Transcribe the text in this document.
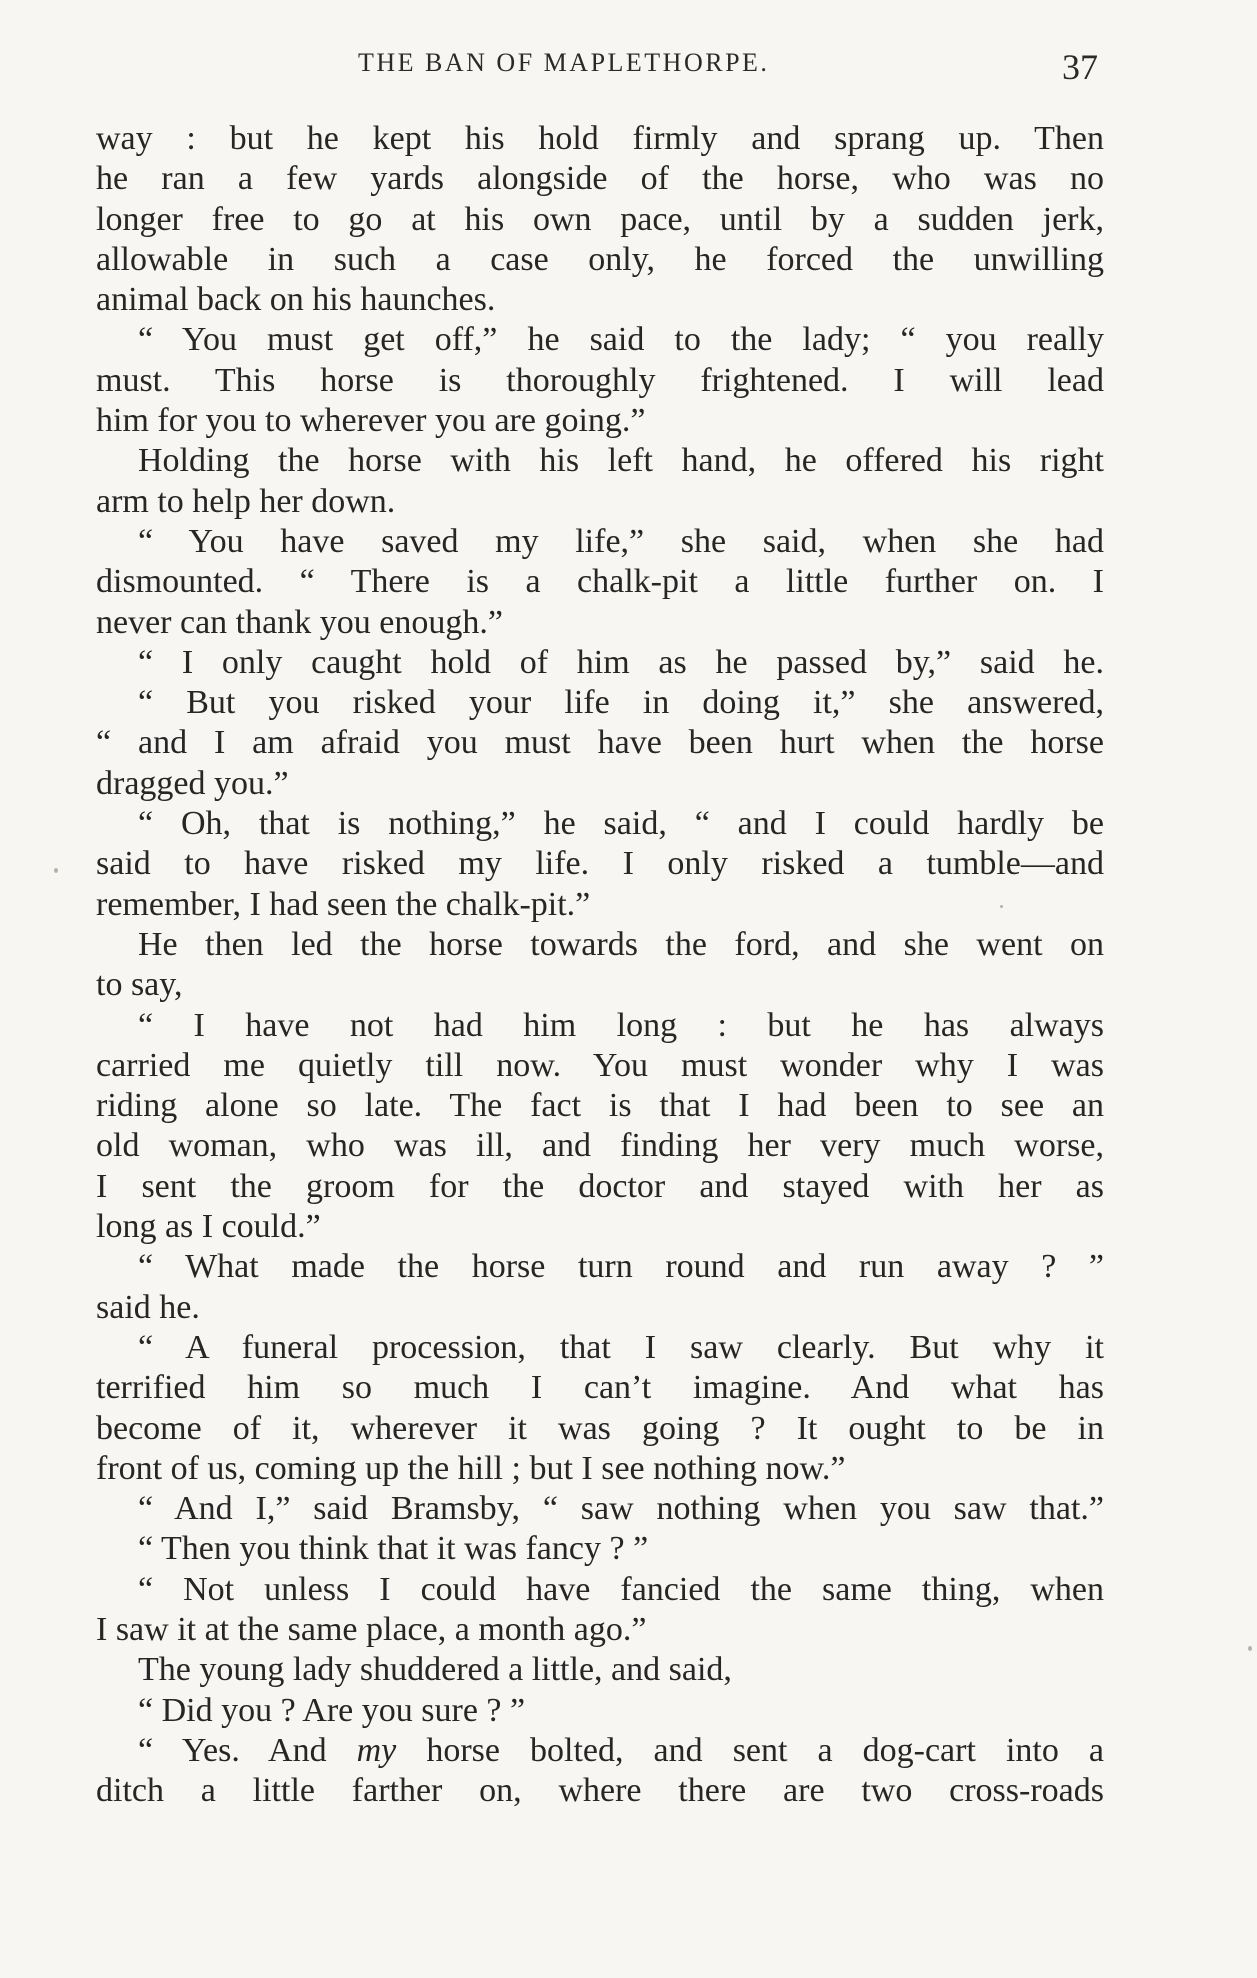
THE BAN OF MAPLETHORPE.	37
way : but he kept his hold firmly and sprang up. Then
he ran a few yards alongside of the horse, who was no
longer free to go at his own pace, until by a sudden jerk,
allowable in such a case only, he forced the unwilling
animal back on his haunches.
“ You must get off,” he said to the lady; “ you really
must. This horse is thoroughly frightened. I will lead
him for you to wherever you are going.”
Holding the horse with his left hand, he offered his right
arm to help her down.
“ You have saved my life,” she said, when she had
dismounted. “ There is a chalk-pit a little further on. I
never can thank you enough.”
“ I only caught hold of him as he passed by,” said he.
“ But you risked your life in doing it,” she answered,
“ and I am afraid you must have been hurt when the horse
dragged you.”
“ Oh, that is nothing,” he said, “ and I could hardly be
said to have risked my life. I only risked a tumble—and
remember, I had seen the chalk-pit.”
He then led the horse towards the ford, and she went on
to say,
“ I have not had him long : but he has always
carried me quietly till now. You must wonder why I was
riding alone so late. The fact is that I had been to see an
old woman, who was ill, and finding her very much worse,
I sent the groom for the doctor and stayed with her as
long as I could.”
“ What made the horse turn round and run away ? ”
said he.
“ A funeral procession, that I saw clearly. But why it
terrified him so much I can’t imagine. And what has
become of it, wherever it was going ? It ought to be in
front of us, coming up the hill ; but I see nothing now.”
“ And I,” said Bramsby, “ saw nothing when you saw that.”
“ Then you think that it was fancy ? ”
“ Not unless I could have fancied the same thing, when
I saw it at the same place, a month ago.”
The young lady shuddered a little, and said,
“ Did you ? Are you sure ? ”
“ Yes. And my horse bolted, and sent a dog-cart into a
ditch a little farther on, where there are two cross-roads
